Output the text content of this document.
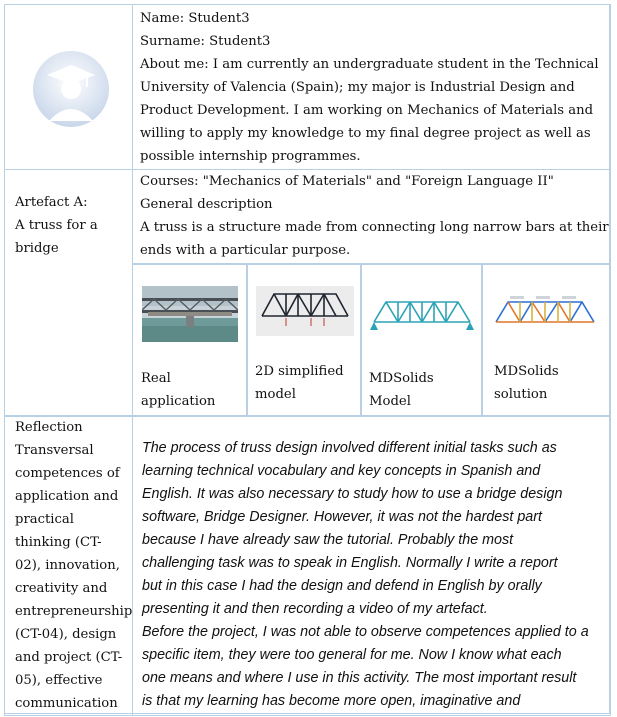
Name: Student3
Surname: Student3
About me: I am currently an undergraduate student in the Technical
University of Valencia (Spain); my major is Industrial Design and
Product Development. I am working on Mechanics of Materials and
willing to apply my knowledge to my final degree project as well as
possible internship programmes.
Artefact A:
A truss for a
bridge
Courses: "Mechanics of Materials" and "Foreign Language II"
General description
A truss is a structure made from connecting long narrow bars at their
ends with a particular purpose.
Real
application
2D simplified
model
MDSolids
Model
MDSolids
solution
Reflection
Transversal
competences of
application and
practical
thinking (CT-
02), innovation,
creativity and
entrepreneurship
(CT-04), design
and project (CT-
05), effective
communication
The process of truss design involved different initial tasks such as
learning technical vocabulary and key concepts in Spanish and
English. It was also necessary to study how to use a bridge design
software, Bridge Designer. However, it was not the hardest part
because I have already saw the tutorial. Probably the most
challenging task was to speak in English. Normally I write a report
but in this case I had the design and defend in English by orally
presenting it and then recording a video of my artefact.
Before the project, I was not able to observe competences applied to a
specific item, they were too general for me. Now I know what each
one means and where I use in this activity. The most important result
is that my learning has become more open, imaginative and
